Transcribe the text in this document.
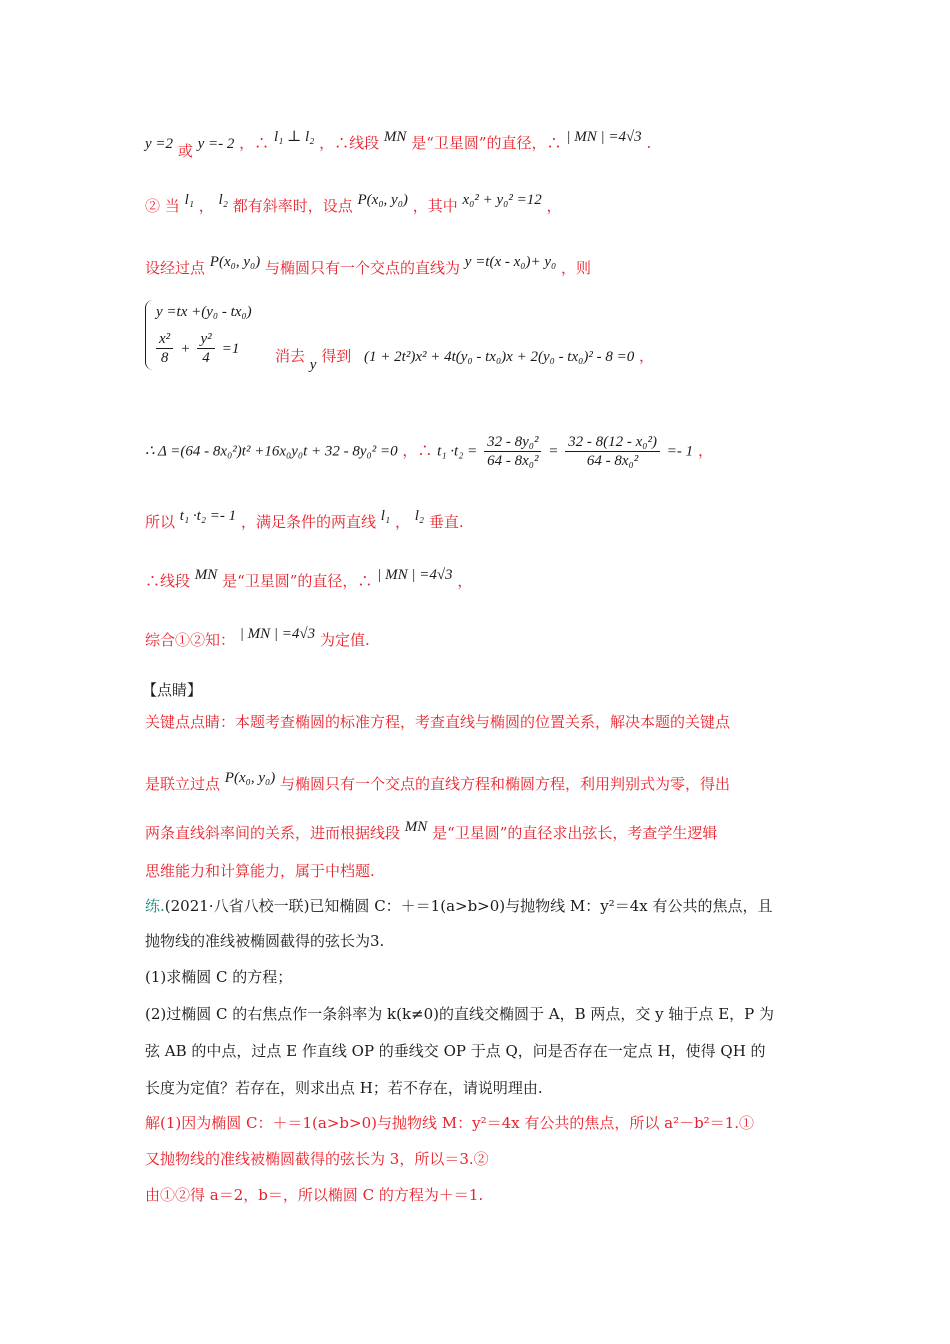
y =2 或 y =- 2 ，∴ l₁ ⊥ l₂ ，∴线段 MN 是“卫星圆”的直径，∴ | MN | =4√3 .
② 当 l₁ ， l₂ 都有斜率时，设点 P(x₀, y₀) ，其中 x₀² + y₀² =12 ，
设经过点 P(x₀, y₀) 与椭圆只有一个交点的直线为 y =t(x - x₀)+ y₀ ，则
y =tx +(y₀ - tx₀)
$\frac{\text{x²}}{8} + \frac{\text{y²}}{4} =1$ 消去 y 得到 (1 + 2t²)x² + 4t(y₀ - tx₀)x + 2(y₀ - tx₀)² - 8 =0 ，
∴ Δ =(64 - 8x₀²)t² +16x₀y₀t + 32 - 8y₀² =0 ，∴ $t_1 \cdot t_2 = \frac{\text{32 - 8y₀²}}{\text{64 - 8x₀²}} = \frac{\text{32 - 8(12 - x₀²)}}{\text{64 - 8x₀²}} =- 1$ ，
所以 t₁ ·t₂ =- 1 ，满足条件的两直线 l₁ ， l₂ 垂直.
∴线段 MN 是“卫星圆”的直径，∴ | MN | =4√3 ，
综合①②知： | MN | =4√3 为定值.
【点睛】
关键点点睛：本题考查椭圆的标准方程，考查直线与椭圆的位置关系，解决本题的关键点
是联立过点 P(x₀, y₀) 与椭圆只有一个交点的直线方程和椭圆方程，利用判别式为零，得出
两条直线斜率间的关系，进而根据线段 MN 是“卫星圆”的直径求出弦长，考查学生逻辑
思维能力和计算能力，属于中档题.
练.(2021·八省八校一联)已知椭圆 C：＋＝1(a>b>0)与抛物线 M：y²＝4x 有公共的焦点，且
抛物线的准线被椭圆截得的弦长为3.
(1)求椭圆 C 的方程；
(2)过椭圆 C 的右焦点作一条斜率为 k(k≠0)的直线交椭圆于 A，B 两点，交 y 轴于点 E，P 为
弦 AB 的中点，过点 E 作直线 OP 的垂线交 OP 于点 Q，问是否存在一定点 H，使得 QH 的
长度为定值？若存在，则求出点 H；若不存在，请说明理由.
解(1)因为椭圆 C：＋＝1(a>b>0)与抛物线 M：y²＝4x 有公共的焦点，所以 a²－b²＝1.①
又抛物线的准线被椭圆截得的弦长为 3，所以＝3.②
由①②得 a＝2，b＝，所以椭圆 C 的方程为＋＝1.
